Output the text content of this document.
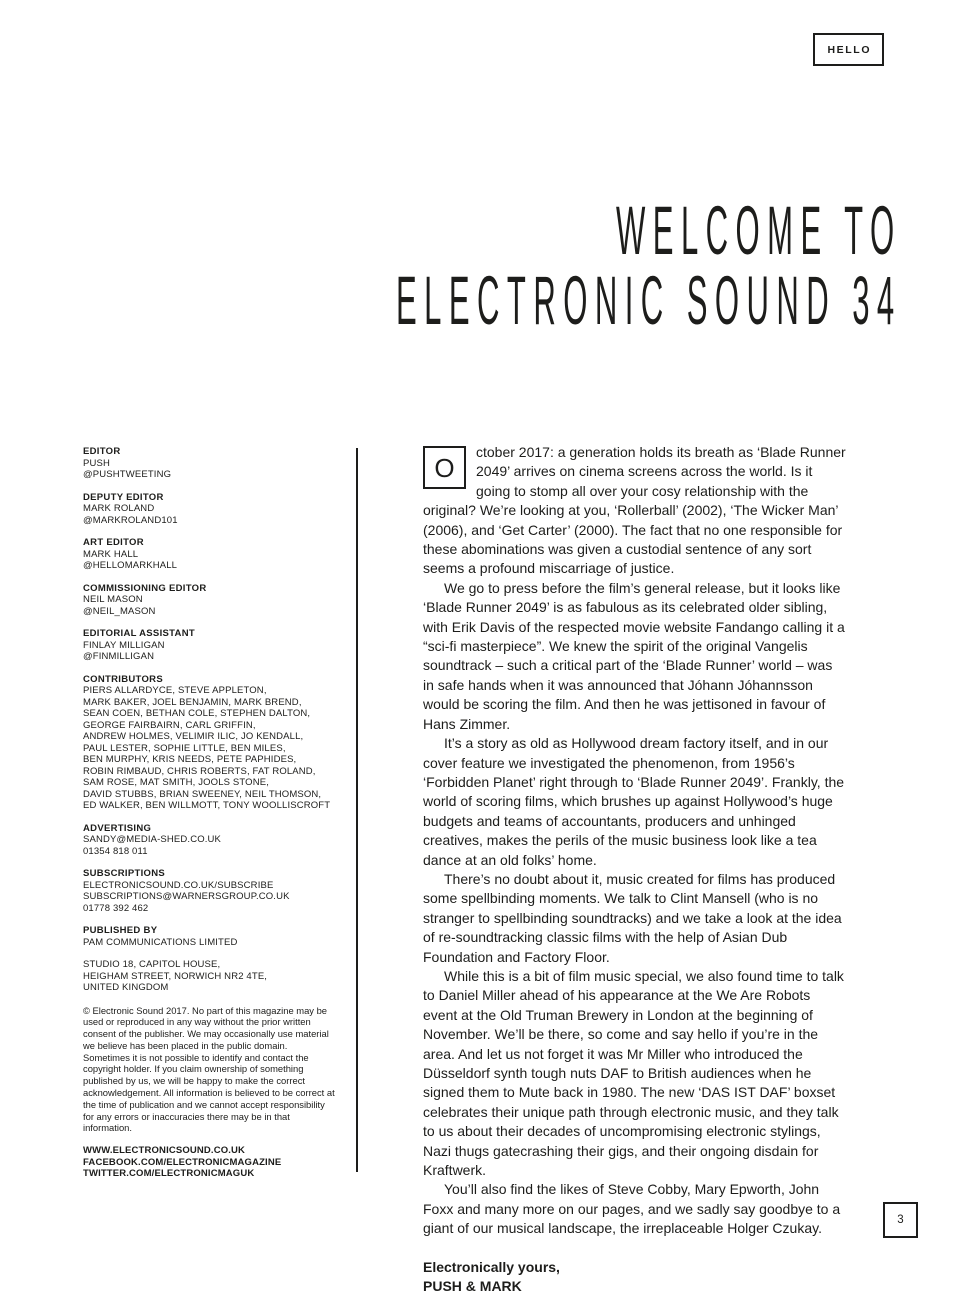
HELLO
WELCOME TO
ELECTRONIC SOUND 34
EDITOR
PUSH
@PUSHTWEETING
DEPUTY EDITOR
MARK ROLAND
@MARKROLAND101
ART EDITOR
MARK HALL
@HELLOMARKHALL
COMMISSIONING EDITOR
NEIL MASON
@NEIL_MASON
EDITORIAL ASSISTANT
FINLAY MILLIGAN
@FINMILLIGAN
CONTRIBUTORS
PIERS ALLARDYCE, STEVE APPLETON,
MARK BAKER, JOEL BENJAMIN, MARK BREND,
SEAN COEN, BETHAN COLE, STEPHEN DALTON,
GEORGE FAIRBAIRN, CARL GRIFFIN,
ANDREW HOLMES, VELIMIR ILIC, JO KENDALL,
PAUL LESTER, SOPHIE LITTLE, BEN MILES,
BEN MURPHY, KRIS NEEDS, PETE PAPHIDES,
ROBIN RIMBAUD, CHRIS ROBERTS, FAT ROLAND,
SAM ROSE, MAT SMITH, JOOLS STONE,
DAVID STUBBS, BRIAN SWEENEY, NEIL THOMSON,
ED WALKER, BEN WILLMOTT, TONY WOOLLISCROFT
ADVERTISING
SANDY@MEDIA-SHED.CO.UK
01354 818 011
SUBSCRIPTIONS
ELECTRONICSOUND.CO.UK/SUBSCRIBE
SUBSCRIPTIONS@WARNERSGROUP.CO.UK
01778 392 462
PUBLISHED BY
PAM COMMUNICATIONS LIMITED
STUDIO 18, CAPITOL HOUSE,
HEIGHAM STREET, NORWICH NR2 4TE,
UNITED KINGDOM
© Electronic Sound 2017. No part of this magazine may be used or reproduced in any way without the prior written consent of the publisher. We may occasionally use material we believe has been placed in the public domain. Sometimes it is not possible to identify and contact the copyright holder. If you claim ownership of something published by us, we will be happy to make the correct acknowledgement. All information is believed to be correct at the time of publication and we cannot accept responsibility for any errors or inaccuracies there may be in that information.
WWW.ELECTRONICSOUND.CO.UK
FACEBOOK.COM/ELECTRONICMAGAZINE
TWITTER.COM/ELECTRONICMAGUK
O
ctober 2017: a generation holds its breath as ‘Blade Runner 2049’ arrives on cinema screens across the world. Is it going to stomp all over your cosy relationship with the original? We’re looking at you, ‘Rollerball’ (2002), ‘The Wicker Man’ (2006), and ‘Get Carter’ (2000). The fact that no one responsible for these abominations was given a custodial sentence of any sort seems a profound miscarriage of justice.
We go to press before the film’s general release, but it looks like ‘Blade Runner 2049’ is as fabulous as its celebrated older sibling, with Erik Davis of the respected movie website Fandango calling it a “sci-fi masterpiece”. We knew the spirit of the original Vangelis soundtrack – such a critical part of the ‘Blade Runner’ world – was in safe hands when it was announced that Jóhann Jóhannsson would be scoring the film. And then he was jettisoned in favour of Hans Zimmer.
It’s a story as old as Hollywood dream factory itself, and in our cover feature we investigated the phenomenon, from 1956’s ‘Forbidden Planet’ right through to ‘Blade Runner 2049’. Frankly, the world of scoring films, which brushes up against Hollywood’s huge budgets and teams of accountants, producers and unhinged creatives, makes the perils of the music business look like a tea dance at an old folks’ home.
There’s no doubt about it, music created for films has produced some spellbinding moments. We talk to Clint Mansell (who is no stranger to spellbinding soundtracks) and we take a look at the idea of re-soundtracking classic films with the help of Asian Dub Foundation and Factory Floor.
While this is a bit of film music special, we also found time to talk to Daniel Miller ahead of his appearance at the We Are Robots event at the Old Truman Brewery in London at the beginning of November. We’ll be there, so come and say hello if you’re in the area. And let us not forget it was Mr Miller who introduced the Düsseldorf synth tough nuts DAF to British audiences when he signed them to Mute back in 1980. The new ‘DAS IST DAF’ boxset celebrates their unique path through electronic music, and they talk to us about their decades of uncompromising electronic stylings, Nazi thugs gatecrashing their gigs, and their ongoing disdain for Kraftwerk.
You’ll also find the likes of Steve Cobby, Mary Epworth, John Foxx and many more on our pages, and we sadly say goodbye to a giant of our musical landscape, the irreplaceable Holger Czukay.
Electronically yours,
PUSH & MARK
3
